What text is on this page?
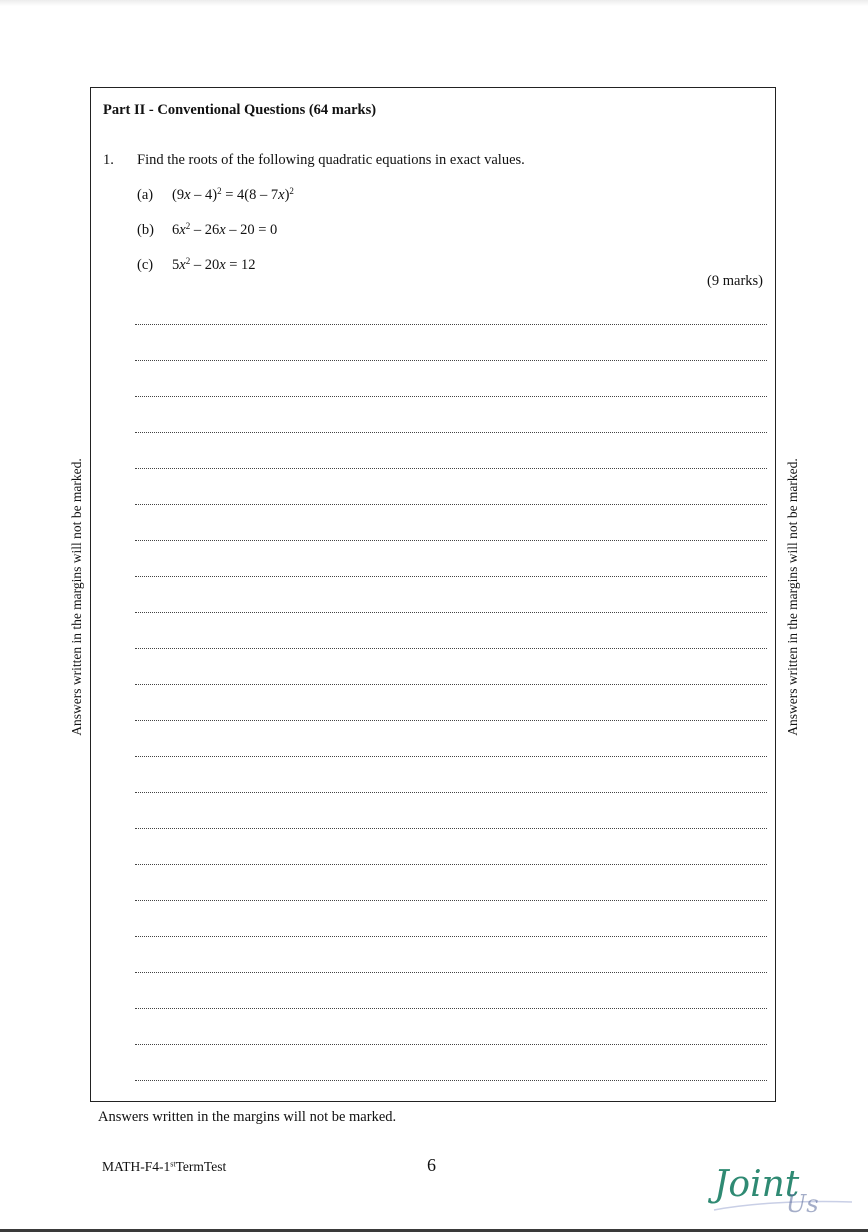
Part II - Conventional Questions (64 marks)
1. Find the roots of the following quadratic equations in exact values.
(a) (9x – 4)$^2$ = 4(8 – 7x)$^2$
(b) $6x^2 - 26x - 20 = 0$
(c) $5x^2 - 20x = 12$
(9 marks)
Answers written in the margins will not be marked.	Answers written in the margins will not be marked.
Answers written in the margins will not be marked.
MATH-F4-1stTermTest	6	Joint
Us
